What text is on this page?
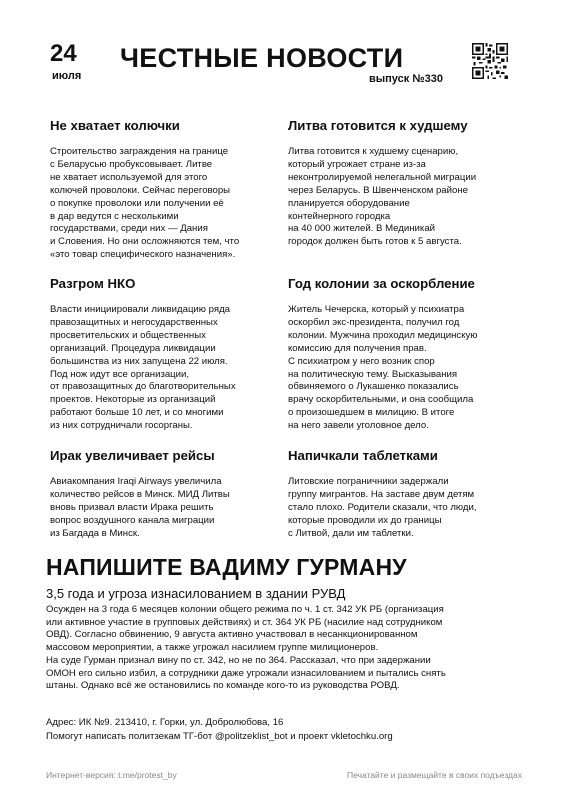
24
июля
ЧЕСТНЫЕ НОВОСТИ
выпуск №330
Не хватает колючки

Строительство заграждения на границе
с Беларусью пробуксовывает. Литве
не хватает используемой для этого
колючей проволоки. Сейчас переговоры
о покупке проволоки или получении её
в дар ведутся с несколькими
государствами, среди них — Дания
и Словения. Но они осложняются тем, что
«это товар специфического назначения».

Литва готовится к худшему

Литва готовится к худшему сценарию,
который угрожает стране из-за
неконтролируемой нелегальной миграции
через Беларусь. В Швенченском районе
планируется оборудование
контейнерного городка
на 40 000 жителей. В Мединикай
городок должен быть готов к 5 августа.

Разгром НКО

Власти инициировали ликвидацию ряда
правозащитных и негосударственных
просветительских и общественных
организаций. Процедура ликвидации
большинства из них запущена 22 июля.
Под нож идут все организации,
от правозащитных до благотворительных
проектов. Некоторые из организаций
работают больше 10 лет, и со многими
из них сотрудничали госорганы.

Год колонии за оскорбление

Житель Чечерска, который у психиатра
оскорбил экс-президента, получил год
колонии. Мужчина проходил медицинскую
комиссию для получения прав.
С психиатром у него возник спор
на политическую тему. Высказывания
обвиняемого о Лукашенко показались
врачу оскорбительными, и она сообщила
о произошедшем в милицию. В итоге
на него завели уголовное дело.

Ирак увеличивает рейсы

Авиакомпания Iraqi Airways увеличила
количество рейсов в Минск. МИД Литвы
вновь призвал власти Ирака решить
вопрос воздушного канала миграции
из Багдада в Минск.

Напичкали таблетками

Литовские пограничники задержали
группу мигрантов. На заставе двум детям
стало плохо. Родители сказали, что люди,
которые проводили их до границы
с Литвой, дали им таблетки.

НАПИШИТЕ ВАДИМУ ГУРМАНУ
3,5 года и угроза изнасилованием в здании РУВД
Осужден на 3 года 6 месяцев колонии общего режима по ч. 1 ст. 342 УК РБ (организация
или активное участие в групповых действиях) и ст. 364 УК РБ (насилие над сотрудником
ОВД). Согласно обвинению, 9 августа активно участвовал в несанкционированном
массовом мероприятии, а также угрожал насилием группе милиционеров.
На суде Гурман признал вину по ст. 342, но не по 364. Рассказал, что при задержании
ОМОН его сильно избил, а сотрудники даже угрожали изнасилованием и пытались снять
штаны. Однако всё же остановились по команде кого-то из руководства РОВД.
Адрес: ИК №9. 213410, г. Горки, ул. Добролюбова, 16
Помогут написать политзекам ТГ-бот @politzeklist_bot и проект vkletochku.org
Интернет-версия: t.me/protest_by	Печатайте и размещайте в своих подъездах
